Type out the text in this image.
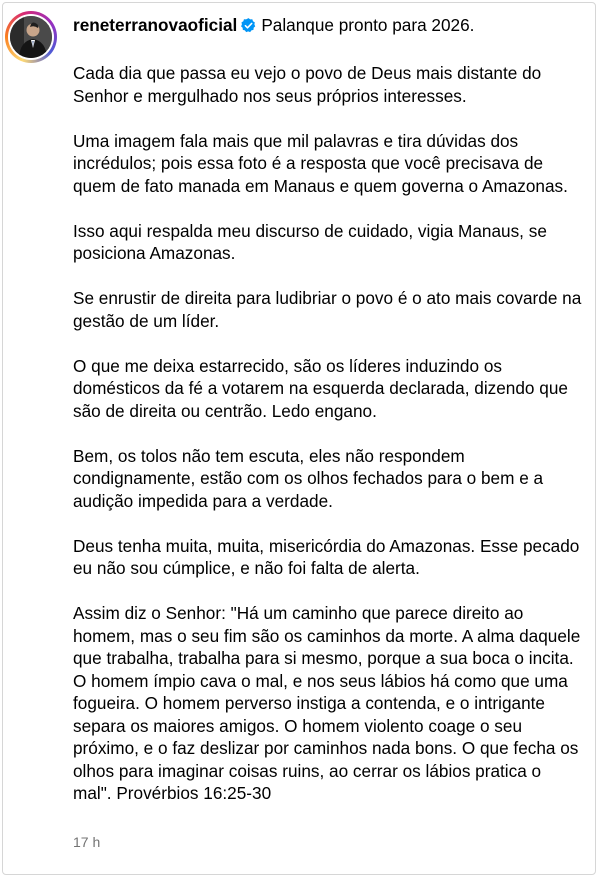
reneterranovaoficial Palanque pronto para 2026.

Cada dia que passa eu vejo o povo de Deus mais distante do Senhor e mergulhado nos seus próprios interesses.

Uma imagem fala mais que mil palavras e tira dúvidas dos incrédulos; pois essa foto é a resposta que você precisava de quem de fato manada em Manaus e quem governa o Amazonas.

Isso aqui respalda meu discurso de cuidado, vigia Manaus, se posiciona Amazonas.

Se enrustir de direita para ludibriar o povo é o ato mais covarde na gestão de um líder.

O que me deixa estarrecido, são os líderes induzindo os domésticos da fé a votarem na esquerda declarada, dizendo que são de direita ou centrão. Ledo engano.

Bem, os tolos não tem escuta, eles não respondem condignamente, estão com os olhos fechados para o bem e a audição impedida para a verdade.

Deus tenha muita, muita, misericórdia do Amazonas. Esse pecado eu não sou cúmplice, e não foi falta de alerta.

Assim diz o Senhor: "Há um caminho que parece direito ao homem, mas o seu fim são os caminhos da morte. A alma daquele que trabalha, trabalha para si mesmo, porque a sua boca o incita. O homem ímpio cava o mal, e nos seus lábios há como que uma fogueira. O homem perverso instiga a contenda, e o intrigante separa os maiores amigos. O homem violento coage o seu próximo, e o faz deslizar por caminhos nada bons. O que fecha os olhos para imaginar coisas ruins, ao cerrar os lábios pratica o mal". Provérbios 16:25-30

17 h
